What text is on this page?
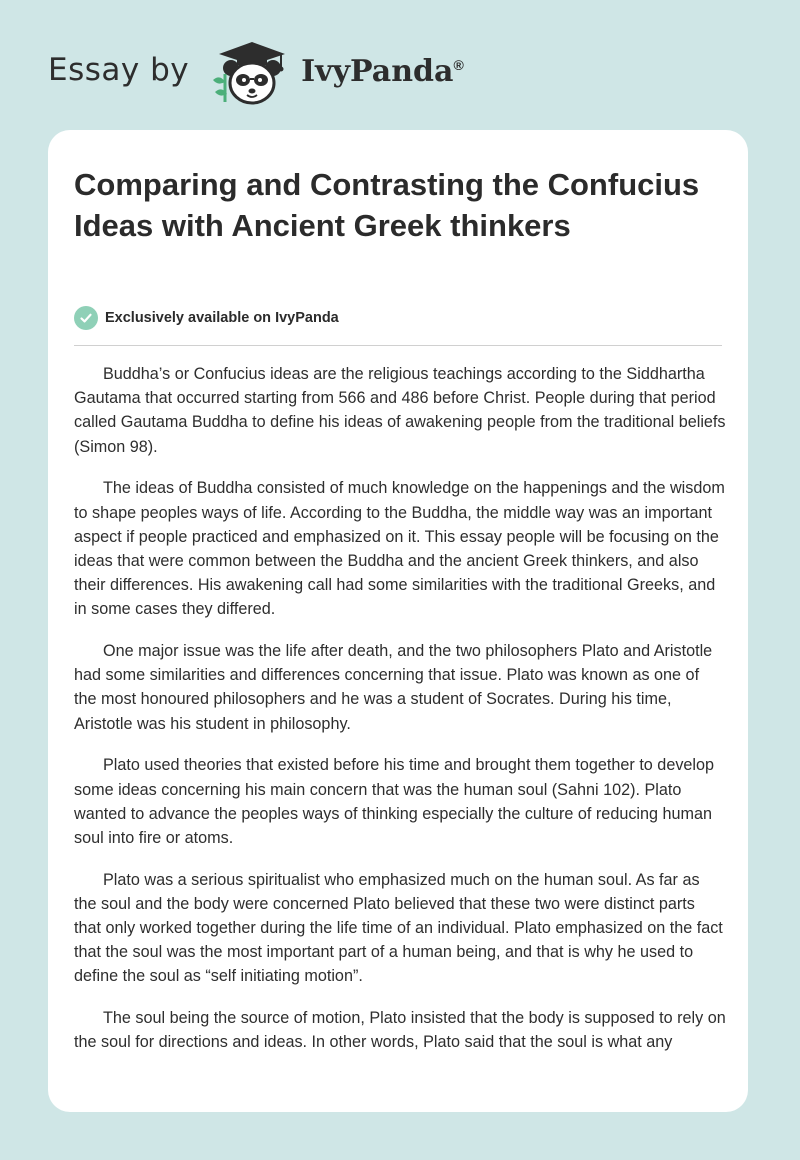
Essay by	IvyPanda®
Comparing and Contrasting the Confucius Ideas with Ancient Greek thinkers
Exclusively available on IvyPanda

Buddha’s or Confucius ideas are the religious teachings according to the Siddhartha Gautama that occurred starting from 566 and 486 before Christ. People during that period called Gautama Buddha to define his ideas of awakening people from the traditional beliefs (Simon 98).

The ideas of Buddha consisted of much knowledge on the happenings and the wisdom to shape peoples ways of life. According to the Buddha, the middle way was an important aspect if people practiced and emphasized on it. This essay people will be focusing on the ideas that were common between the Buddha and the ancient Greek thinkers, and also their differences. His awakening call had some similarities with the traditional Greeks, and in some cases they differed.

One major issue was the life after death, and the two philosophers Plato and Aristotle had some similarities and differences concerning that issue. Plato was known as one of the most honoured philosophers and he was a student of Socrates. During his time, Aristotle was his student in philosophy.

Plato used theories that existed before his time and brought them together to develop some ideas concerning his main concern that was the human soul (Sahni 102). Plato wanted to advance the peoples ways of thinking especially the culture of reducing human soul into fire or atoms.

Plato was a serious spiritualist who emphasized much on the human soul. As far as the soul and the body were concerned Plato believed that these two were distinct parts that only worked together during the life time of an individual. Plato emphasized on the fact that the soul was the most important part of a human being, and that is why he used to define the soul as “self initiating motion”.

The soul being the source of motion, Plato insisted that the body is supposed to rely on the soul for directions and ideas. In other words, Plato said that the soul is what any
